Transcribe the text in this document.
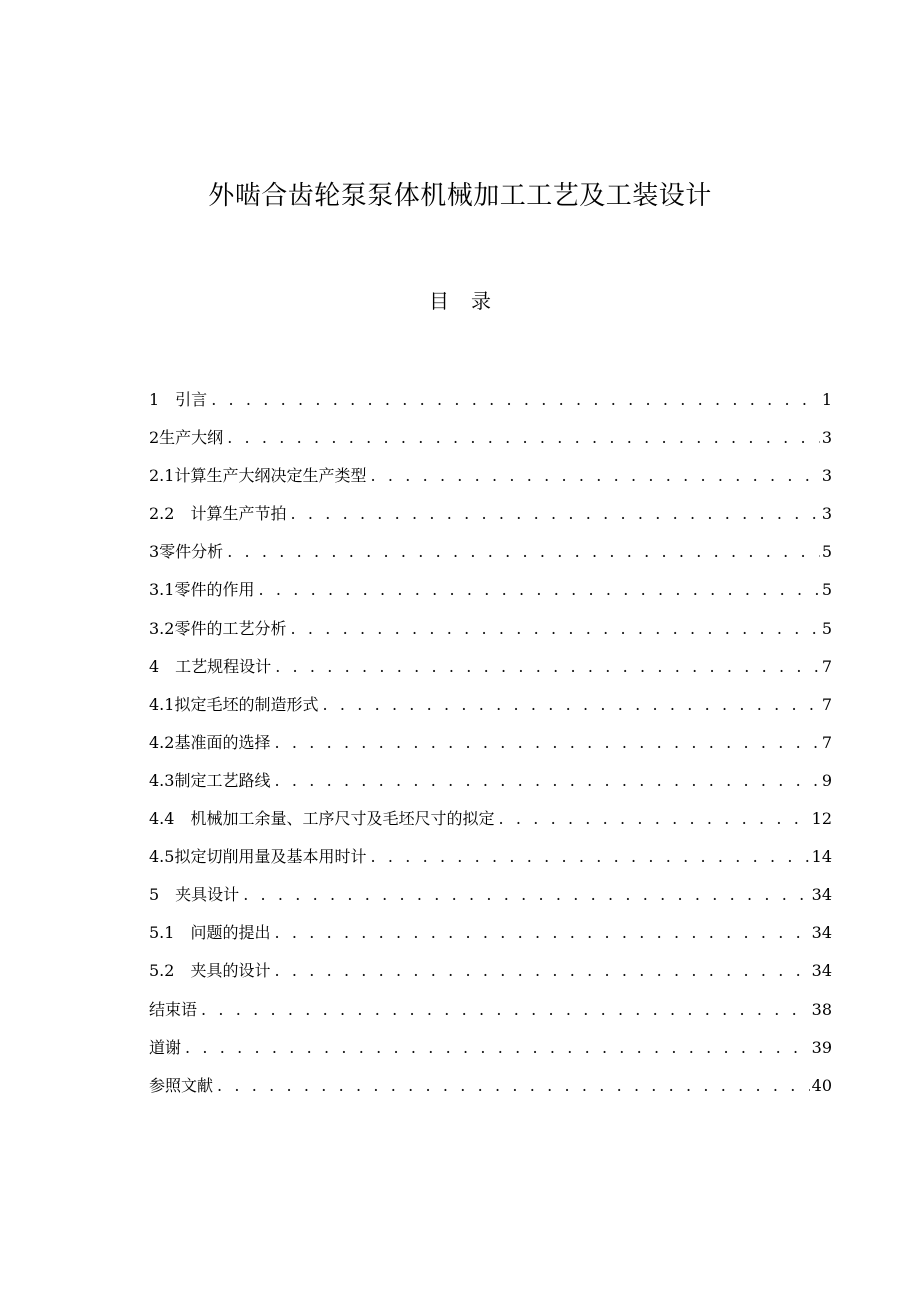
外啮合齿轮泵泵体机械加工工艺及工装设计
目 录
1　引言 . . .	1
2生产大纲 . . .	3
2.1计算生产大纲决定生产类型 . . .	3
2.2　计算生产节拍 . . .	3
3零件分析 . . .	5
3.1零件的作用 . . .	5
3.2零件的工艺分析 . . .	5
4　工艺规程设计 . . .	7
4.1拟定毛坯的制造形式 . . .	7
4.2基准面的选择 . . .	7
4.3制定工艺路线 . . .	9
4.4　机械加工余量、工序尺寸及毛坯尺寸的拟定 . . .	12
4.5拟定切削用量及基本用时计 . . .	14
5　夹具设计 . . .	34
5.1　问题的提出 . . .	34
5.2　夹具的设计 . . .	34
结束语 . . .	38
道谢 . . .	39
参照文献 . . .	40
